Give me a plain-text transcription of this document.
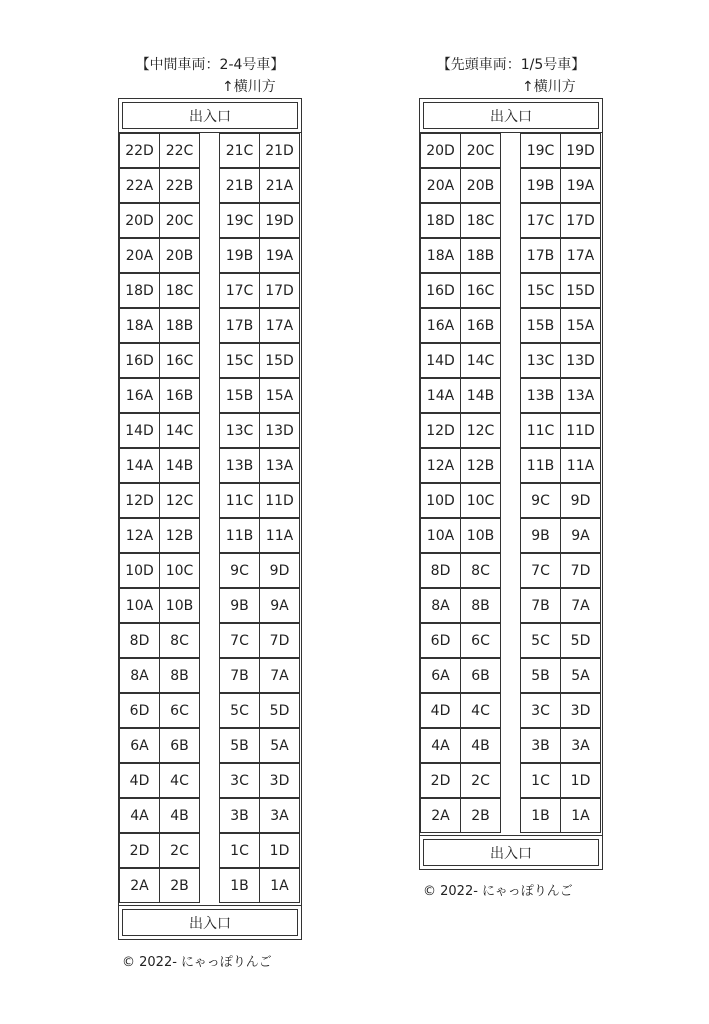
【中間車両：2-4号車】
↑横川方
出入口
22D 22C	21C 21D
22A 22B	21B 21A
20D 20C	19C 19D
20A 20B	19B 19A
18D 18C	17C 17D
18A 18B	17B 17A
16D 16C	15C 15D
16A 16B	15B 15A
14D 14C	13C 13D
14A 14B	13B 13A
12D 12C	11C 11D
12A 12B	11B 11A
10D 10C	9C	9D
10A 10B	9B	9A
8D	8C	7C	7D
8A	8B	7B	7A
6D	6C	5C	5D
6A	6B	5B	5A
4D	4C	3C	3D
4A	4B	3B	3A
2D	2C	1C	1D
2A	2B	1B	1A
出入口
© 2022- にゃっぽりんご
【先頭車両：1/5号車】
↑横川方
出入口
20D 20C	19C 19D
20A 20B	19B 19A
18D 18C	17C 17D
18A 18B	17B 17A
16D 16C	15C 15D
16A 16B	15B 15A
14D 14C	13C 13D
14A 14B	13B 13A
12D 12C	11C 11D
12A 12B	11B 11A
10D 10C	9C	9D
10A 10B	9B	9A
8D	8C	7C	7D
8A	8B	7B	7A
6D	6C	5C	5D
6A	6B	5B	5A
4D	4C	3C	3D
4A	4B	3B	3A
2D	2C	1C	1D
2A	2B	1B	1A
出入口
© 2022- にゃっぽりんご
